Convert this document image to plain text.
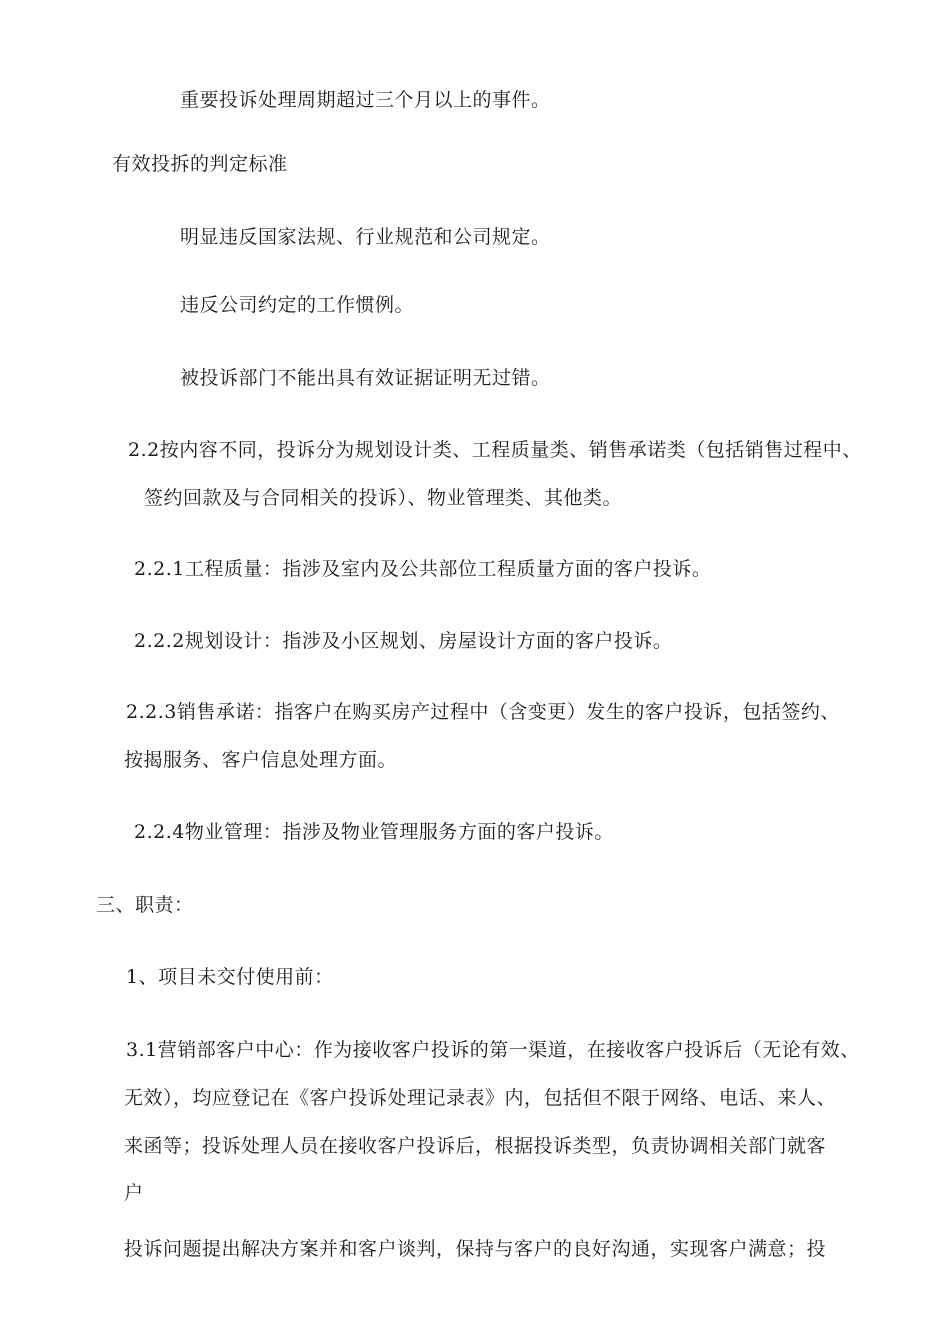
重要投诉处理周期超过三个月以上的事件。
有效投拆的判定标准
明显违反国家法规、行业规范和公司规定。
违反公司约定的工作惯例。
被投诉部门不能出具有效证据证明无过错。
2.2按内容不同，投诉分为规划设计类、工程质量类、销售承诺类（包括销售过程中、
签约回款及与合同相关的投诉）、物业管理类、其他类。
2.2.1工程质量：指涉及室内及公共部位工程质量方面的客户投诉。
2.2.2规划设计：指涉及小区规划、房屋设计方面的客户投诉。
2.2.3销售承诺：指客户在购买房产过程中（含变更）发生的客户投诉，包括签约、
按揭服务、客户信息处理方面。
2.2.4物业管理：指涉及物业管理服务方面的客户投诉。
三、职责：
1、项目未交付使用前：
3.1营销部客户中心：作为接收客户投诉的第一渠道，在接收客户投诉后（无论有效、
无效），均应登记在《客户投诉处理记录表》内，包括但不限于网络、电话、来人、
来函等；投诉处理人员在接收客户投诉后，根据投诉类型，负责协调相关部门就客
户
投诉问题提出解决方案并和客户谈判，保持与客户的良好沟通，实现客户满意；投
